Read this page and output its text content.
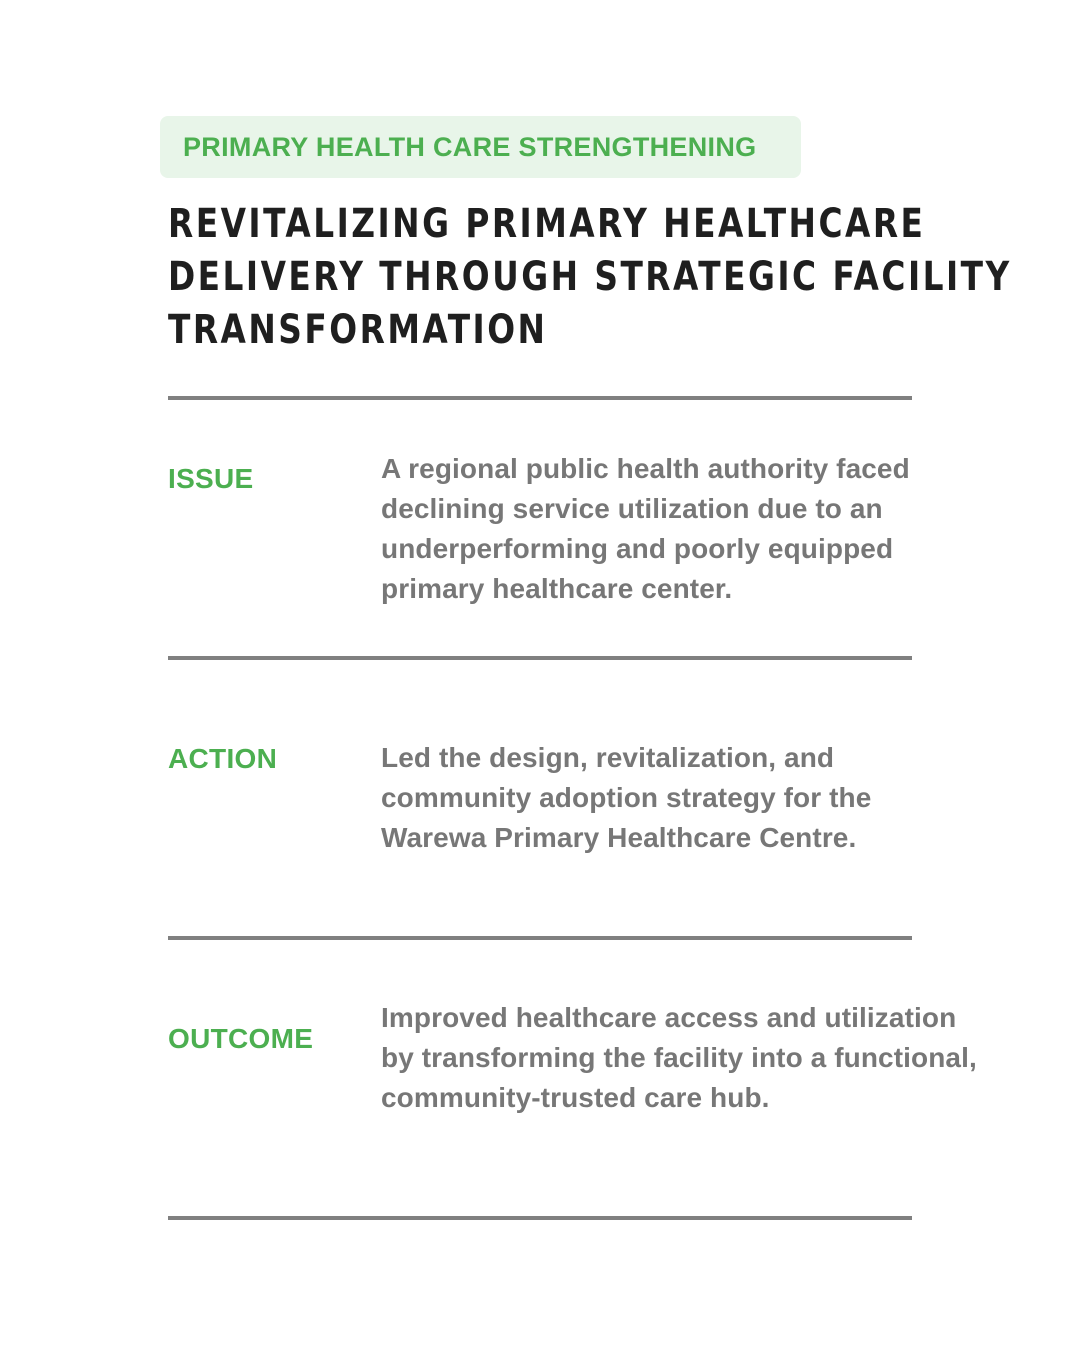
PRIMARY HEALTH CARE STRENGTHENING
REVITALIZING PRIMARY HEALTHCARE
DELIVERY THROUGH STRATEGIC FACILITY
TRANSFORMATION
ISSUE	A regional public health authority faced declining service utilization due to an underperforming and poorly equipped primary healthcare center.

ACTION	Led the design, revitalization, and community adoption strategy for the Warewa Primary Healthcare Centre.

OUTCOME

Improved healthcare access and utilization by transforming the facility into a functional, community-trusted care hub.
